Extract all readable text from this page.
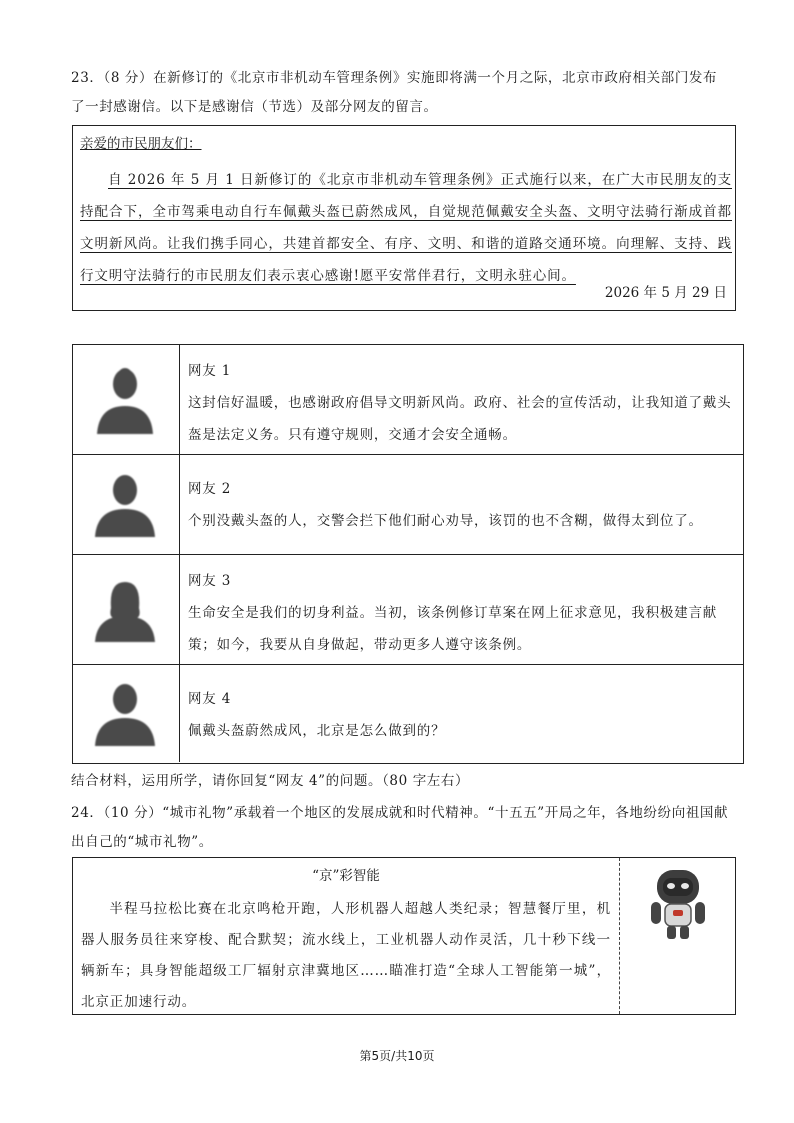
23．（8 分）在新修订的《北京市非机动车管理条例》实施即将满一个月之际，北京市政府相关部门发布
了一封感谢信。以下是感谢信（节选）及部分网友的留言。
亲爱的市民朋友们：
自 2026 年 5 月 1 日新修订的《北京市非机动车管理条例》正式施行以来，在广大市民朋友的支持配合下，全市驾乘电动自行车佩戴头盔已蔚然成风，自觉规范佩戴安全头盔、文明守法骑行渐成首都文明新风尚。让我们携手同心，共建首都安全、有序、文明、和谐的道路交通环境。向理解、支持、践行文明守法骑行的市民朋友们表示衷心感谢!愿平安常伴君行，文明永驻心间。
2026 年 5 月 29 日
网友 1
这封信好温暖，也感谢政府倡导文明新风尚。政府、社会的宣传活动，让我知道了戴头盔是法定义务。只有遵守规则，交通才会安全通畅。
网友 2
个别没戴头盔的人，交警会拦下他们耐心劝导，该罚的也不含糊，做得太到位了。
网友 3
生命安全是我们的切身利益。当初，该条例修订草案在网上征求意见，我积极建言献策；如今，我要从自身做起，带动更多人遵守该条例。
网友 4
佩戴头盔蔚然成风，北京是怎么做到的？
结合材料，运用所学，请你回复“网友 4”的问题。（80 字左右）
24．（10 分）“城市礼物”承载着一个地区的发展成就和时代精神。“十五五”开局之年，各地纷纷向祖国献
出自己的“城市礼物”。
“京”彩智能
半程马拉松比赛在北京鸣枪开跑，人形机器人超越人类纪录；智慧餐厅里，机器人服务员往来穿梭、配合默契；流水线上，工业机器人动作灵活，几十秒下线一辆新车；具身智能超级工厂辐射京津冀地区……瞄准打造“全球人工智能第一城”，北京正加速行动。
第5页/共10页
